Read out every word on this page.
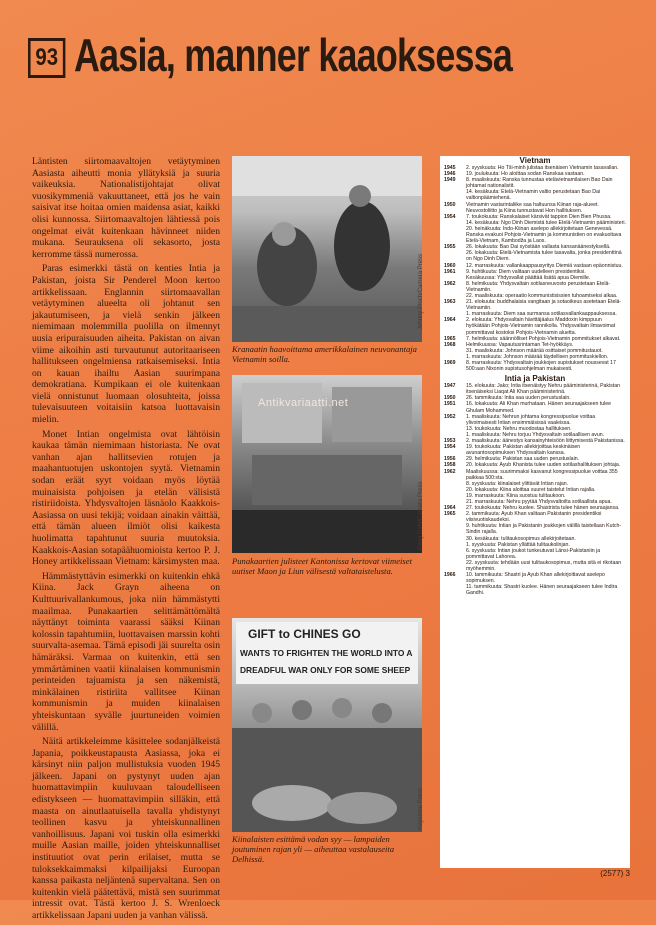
93 Aasia, manner kaaoksessa

Läntisten siirtomaavaltojen vetäytyminen Aasiasta aiheutti monia yllätyksiä ja suuria vaikeuksia. Nationalistijohtajat olivat vuosikymmeniä vakuuttaneet, että jos he vain saisivat itse hoitaa omien maidensa asiat, kaikki olisi kunnossa. Siirtomaavaltojen lähtiessä pois ongelmat eivät kuitenkaan hävinneet niiden mukana. Seurauksena oli sekasorto, josta kerromme tässä numerossa.

Paras esimerkki tästä on kenties Intia ja Pakistan, joista Sir Penderel Moon kertoo artikkelissaan. Englannin siirtomaavallan vetäytyminen alueelta oli johtanut sen jakautumiseen, ja vielä senkin jälkeen niemimaan molemmilla puolilla on ilmennyt uusia eripuraisuuden aiheita. Pakistan on aivan viime aikoihin asti turvautunut autoritaariseen hallitukseen ongelmiensa ratkaisemiseksi. Intia on kauan ihailtu Aasian suurimpana demokratiana. Kumpikaan ei ole kuitenkaan vielä onnistunut luomaan olosuhteita, joissa tulevaisuuteen voitaisiin katsoa luottavaisin mielin.

Monet Intian ongelmista ovat lähtöisin kaukaa tämän niemimaan historiasta. Ne ovat vanhan ajan hallitsevien rotujen ja maahantuotujen uskontojen syytä. Vietnamin sodan eräät syyt voidaan myös löytää muinaisista pohjoisen ja etelän välisistä ristiriidoista. Yhdysvaltojen läsnäolo Kaakkois-Aasiassa on uusi tekijä; voidaan ainakin väittää, että tämän alueen ilmiöt olisi kaikesta huolimatta tapahtunut suuria muutoksia. Kaakkois-Aasian sotapäähuomioista kertoo P. J. Honey artikkelissaan Vietnam: kärsimysten maa.

Hämmästyttävin esimerkki on kuitenkin ehkä Kiina. Jack Grayn aiheena on Kulttuurivallankumous, joka niin hämmästytti maailmaa. Punakaartien selittämättömältä näyttänyt toiminta vaarassi sääksi Kiinan kolossin tapahtumiin, luottavaisen marssin kohti suurvalta-asemaa. Tämä episodi jäi suurelta osin hämäräksi. Varmaa on kuitenkin, että sen ymmärtäminen vaatii kiinalaisen kommunismin perinteiden tajuamista ja sen näkemistä, minkälainen ristiriita vallitsee Kiinan kommunismin ja muiden kiinalaisen yhteiskuntaan syvälle juurtuneiden voimien välillä.

Näitä artikkeleimme käsittelee sodanjälkeistä Japania, poikkeustapausta Aasiassa, joka ei kärsinyt niin paljon mullistuksia vuoden 1945 jälkeen. Japani on pystynyt uuden ajan huomattavimpiin kuuluvaan taloudelliseen edistykseen — huomattavimpiin silläkin, että maasta on ainutlaatuisella tavalla yhdistynyt teollinen kasvu ja yhteiskunnallinen vanhoillisuus. Japani voi tuskin olla esimerkki muille Aasian maille, joiden yhteiskunnalliset instituutiot ovat perin erilaiset, mutta se tuloksekkaimmaksi kilpailijaksi Euroopan kanssa paikasta neljäntenä supervaltana. Sen on kuitenkin vielä päätettävä, mistä sen suurimmat intressit ovat. Tästä kertoo J. S. Wrenloeck artikkelissaan Japani uuden ja vanhan välissä.

Johnny Ploch/Camera Press
Kranaatin haavoittama amerikkalainen neuvonantaja Vietnamin soilla.
Antikvariaatti.net
Perry Dahl/Camera Press
Punakaartien julisteet Kantonissa kertovat viimeiset uutiset Maon ja Liun välisestä valtataistelusta.
GIFT to CHINES GO
WANTS TO FRIGHTEN THE WORLD INTO A
DREADFUL WAR ONLY FOR SOME SHEEP
Keystone Press
Kiinalaisten esittämä vodan syy — lampaiden joutuminen rajan yli — aiheuttaa vastalauseita Delhissä.
Vietnam
1945	2. syyskuuta: Ho Tši-minh julistaa itsenäisen Vietnamin tasavallan.
1946	19. joulukuuta: Ho aloittaa sodan Ranskaa vastaan.
1949	8. maaliskuuta: Ranska tunnustaa etelävietnamilaisen Bao Dain johtamat nationalistit.
14. kesäkuuta: Etelä-Vietnamin valtio perustetaan Bao Dai valtionpäämiehenä.
1950	Vietnamin vastarintaliike saa haltuunsa Kiinan raja-alueet. Neuvostoliitto ja Kiina tunnustavat Hon hallituksen.
1954	7. toukokuuta: Ranskalaiset kärsivät tappion Dien Bien Phussa.
14. kesäkuuta: Ngo Dinh Diemistä tulee Etelä-Vietnamin pääministeri.
20. heinäkuuta: Indo-Kiinan aselepo allekirjoitetaan Genevessä. Ranska evakuoi Pohjois-Vietnamin ja kommunistien on evakuoitava Etelä-Vietnam, Kambodža ja Laos.
1955	26. lokakuuta: Bao Dai syöstään vallasta kansanäänestyksellä.
26. lokakuuta: Etelä-Vietnamista tulee tasavalta, jonka presidenttinä on Ngo Dinh Diem.
1960	12. marraskuuta: vallankaappausyritys Diemiä vastaan epäonnistuu.
1961	9. huhtikuuta: Diem valitaan uudelleen presidentiksi.
Kesäkuussa: Yhdysvallat päättää lisätä apua Diemille.
1962	8. helmikuuta: Yhdysvaltain sotilasneuvosto perustetaan Etelä-Vietnamiin.
22. maaliskuuta: operaatio kommunistisissien tuhoamiseksi alkaa.
1963	21. elokuuta: buddhalaisia vangitaan ja sotaoikeus asetetaan Etelä-Vietnamiin.
1. marraskuuta: Diem saa surmansa sotilasvallankaappauksessa.
1964	2. elokuuta: Yhdysvaltain hävittäjäalus Maddoxin kimppuun hyökätään Pohjois-Vietnamin rannikolla. Yhdysvaltain ilmavoimat pommittavat kostoksi Pohjois-Vietnamin aluetta.
1965	7. helmikuuta: säännölliset Pohjois-Vietnamin pommitukset alkavat.
1968	Helmikuussa: Vapautusrintaman Tet-hyökkäys.
31. maaliskuuta: Johnson määrää osittaiset pommitustauot.
1. marraskuuta: Johnson määrää täydellisen pommituskiellon.
1969	8. marraskuuta: Yhdysvaltain joukkojen supistukset noussevat 17 500:aan Nixonin supistusohjelman mukaisesti.
Intia ja Pakistan
1947	15. elokuuta: Jako; Intia itsenäistyy Nehru pääministerinä, Pakistan itsenäiseksi Liaqat Ali Khan pääministerinä.
1950	26. tammikuuta: Intia saa uuden perustuslain.
1951	16. lokakuuta: Ali Khan murhataan. Hänen seuraajakseen tulee Ghulam Mohammed.
1952	1. maaliskuuta: Nehrun johtama kongressipuolue voittaa ylivoimaisesti Intian ensimmäisissä vaaleissa.
13. toukokuuta: Nehru muodostaa hallituksen.
1. maaliskuuta: Nehru torjuu Yhdysvaltain sotilaallisen avun.
1953	2. maaliskuuta: äänestys kansainyhteisöön liittymisestä Pakistanissa.
1954	19. toukokuuta: Pakistan allekirjoittaa keskinäisen avunantosopimuksen Yhdysvaltain kanssa.
1956	29. helmikuuta: Pakistan saa uuden perustuslain.
1958	20. lokakuuta: Ayub Khanista tulee uuden sotilashallituksen johtaja.
1962	Maaliskuussa: suurimmaksi kasvanut kongressipuolue voittaa 355 paikkaa 500:sta.
8. syyskuuta: kiinalaiset ylittävät Intian rajan.
20. lokakuuta: Kiina aloittaa suuret taistelut Intian rajalla.
19. marraskuuta: Kiina suostuu tulitaukoon.
21. marraskuuta: Nehru pyytää Yhdysvaltoilta sotilaallista apua.
1964	27. toukokuuta: Nehru kuolee. Shastrista tulee hänen seuraajansa.
1965	2. tammikuuta: Ayub Khan valitaan Pakistanin presidentiksi viisivuotiskaudeksi.
9. huhtikuuta: Intian ja Pakistanin joukkojen välillä taistellaan Kutch-Sindin rajalla.
30. kesäkuuta: tulitaukosopimus allekirjoitetaan.
1. syyskuuta: Pakistan yllättää tulitaukolinjan.
6. syyskuuta: Intian joukot tunkeutuvat Länsi-Pakistaniin ja pommittavat Lahorea.
22. syyskuuta: tehdään uusi tulitaukosopimus, mutta sitä ei rikotaan myöhemmin.
1966	10. tammikuuta: Shastri ja Ayub Khan allekirjoittavat aselepo sopimuksen.
11. tammikuuta: Shastri kuolee. Hänen seuraajakseen tulee Indira Gandhi.
(2577) 3
